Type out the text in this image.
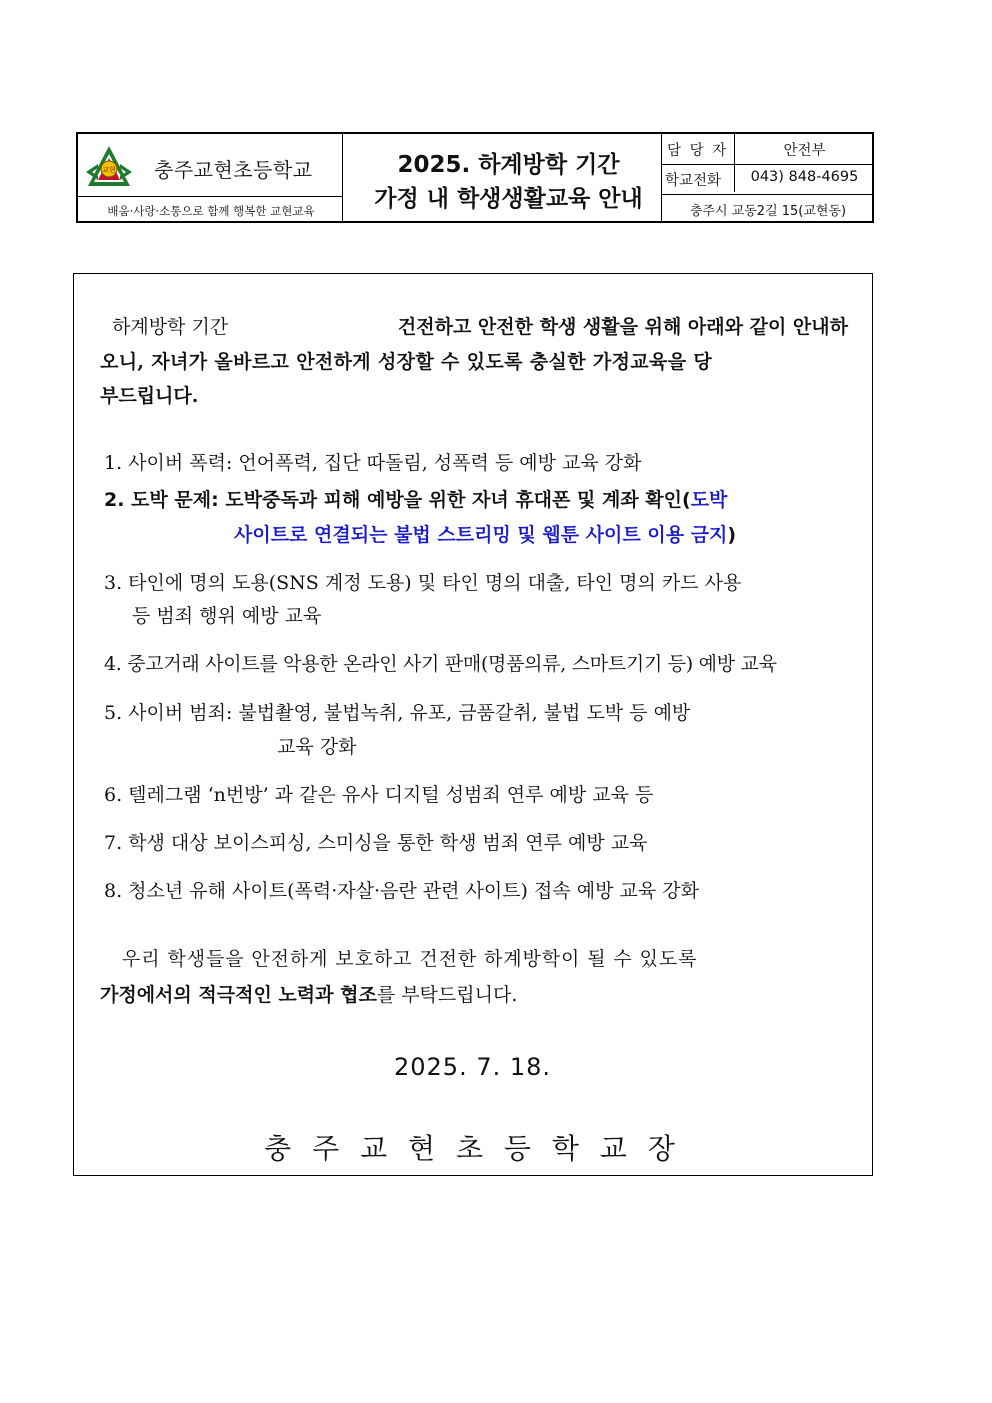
교현 충주교현초등학교
배움·사랑·소통으로 함께 행복한 교현교육
2025. 하계방학 기간
가정 내 학생생활교육 안내
담 당 자	안전부
학교전화	043) 848-4695
충주시 교동2길 15(교현동)
하계방학 기간	건전하고 안전한 학생 생활을 위해 아래와 같이 안내하
오니, 자녀가 올바르고 안전하게 성장할 수 있도록 충실한 가정교육을 당
부드립니다.
1. 사이버 폭력: 언어폭력, 집단 따돌림, 성폭력 등 예방 교육 강화
2. 도박 문제: 도박중독과 피해 예방을 위한 자녀 휴대폰 및 계좌 확인(도박
사이트로 연결되는 불법 스트리밍 및 웹툰 사이트 이용 금지)
3. 타인에 명의 도용(SNS 계정 도용) 및 타인 명의 대출, 타인 명의 카드 사용
등 범죄 행위 예방 교육
4. 중고거래 사이트를 악용한 온라인 사기 판매(명품의류, 스마트기기 등) 예방 교육
5. 사이버 범죄: 불법촬영, 불법녹취, 유포, 금품갈취, 불법 도박 등 예방
교육 강화
6. 텔레그램 ‘n번방’ 과 같은 유사 디지털 성범죄 연루 예방 교육 등
7. 학생 대상 보이스피싱, 스미싱을 통한 학생 범죄 연루 예방 교육
8. 청소년 유해 사이트(폭력·자살·음란 관련 사이트) 접속 예방 교육 강화
우리 학생들을 안전하게 보호하고 건전한 하계방학이 될 수 있도록
가정에서의 적극적인 노력과 협조를 부탁드립니다.
2025. 7. 18.
충 주 교 현 초 등 학 교 장
